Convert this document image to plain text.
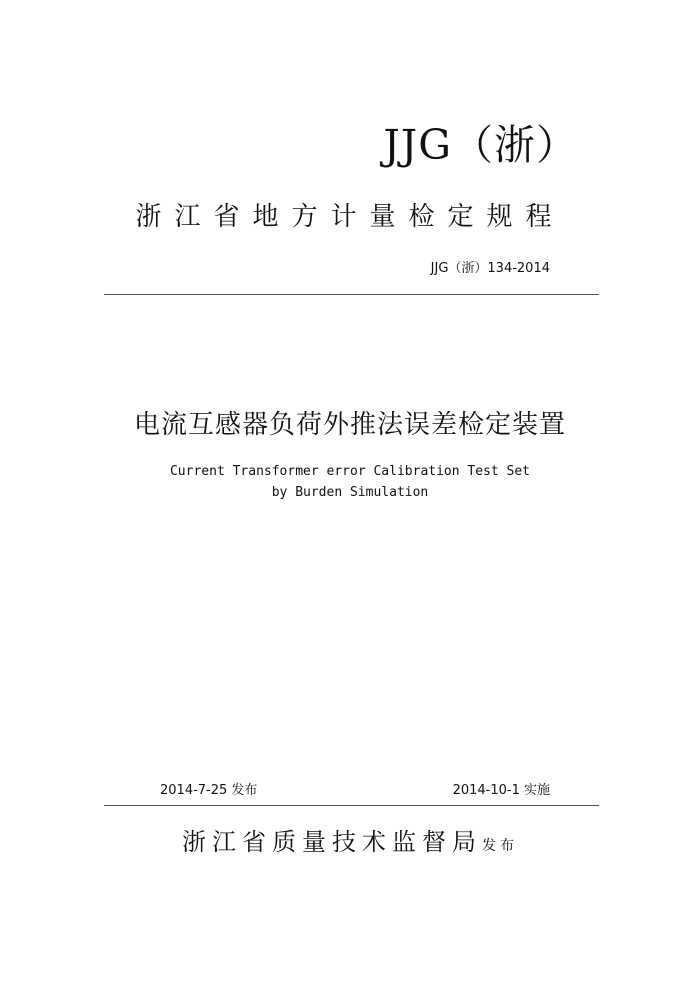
JJG（浙）
浙江省地方计量检定规程
JJG（浙）134-2014
电流互感器负荷外推法误差检定装置
Current Transformer error Calibration Test Set
by Burden Simulation
2014-7-25 发布	2014-10-1 实施
浙江省质量技术监督局发布
